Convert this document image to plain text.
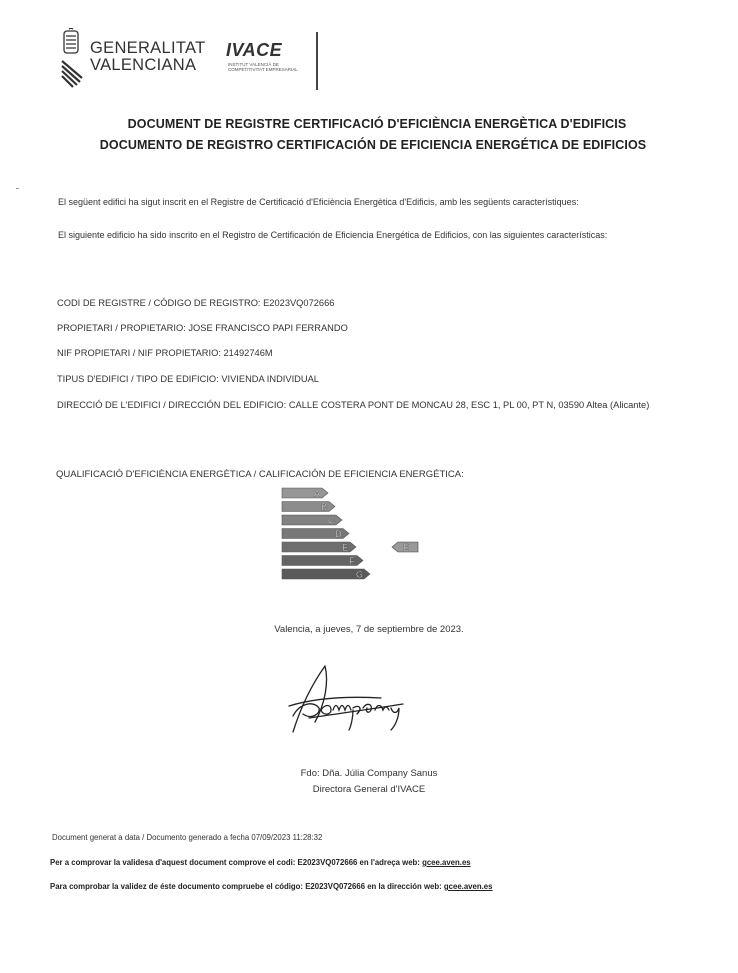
GENERALITAT
VALENCIANA
IVACE
INSTITUT VALENCIÀ DE
COMPETITIVITAT EMPRESARIAL
DOCUMENT DE REGISTRE CERTIFICACIÓ D'EFICIÈNCIA ENERGÈTICA D'EDIFICIS
DOCUMENTO DE REGISTRO CERTIFICACIÓN DE EFICIENCIA ENERGÉTICA DE EDIFICIOS
El següent edifici ha sigut inscrit en el Registre de Certificació d'Eficiència Energètica d'Edificis, amb les següents característiques:
El siguiente edificio ha sido inscrito en el Registro de Certificación de Eficiencia Energética de Edificios, con las siguientes características:
CODI DE REGISTRE / CÓDIGO DE REGISTRO: E2023VQ072666
PROPIETARI / PROPIETARIO: JOSE FRANCISCO PAPI FERRANDO
NIF PROPIETARI / NIF PROPIETARIO: 21492746M
TIPUS D'EDIFICI / TIPO DE EDIFICIO: VIVIENDA INDIVIDUAL
DIRECCIÓ DE L'EDIFICI / DIRECCIÓN DEL EDIFICIO: CALLE COSTERA PONT DE MONCAU 28, ESC 1, PL 00, PT N, 03590 Altea (Alicante)
QUALIFICACIÓ D'EFICIÈNCIA ENERGÈTICA / CALIFICACIÓN DE EFICIENCIA ENERGÉTICA:
A
B
C
D
E	E
F
G
Valencia, a jueves, 7 de septiembre de 2023.
Fdo: Dña. Júlia Company Sanus
Directora General d'IVACE
Document generat a data / Documento generado a fecha 07/09/2023 11:28:32
Per a comprovar la validesa d'aquest document comprove el codi: E2023VQ072666 en l'adreça web: gcee.aven.es
Para comprobar la validez de éste documento compruebe el código: E2023VQ072666 en la dirección web: gcee.aven.es
